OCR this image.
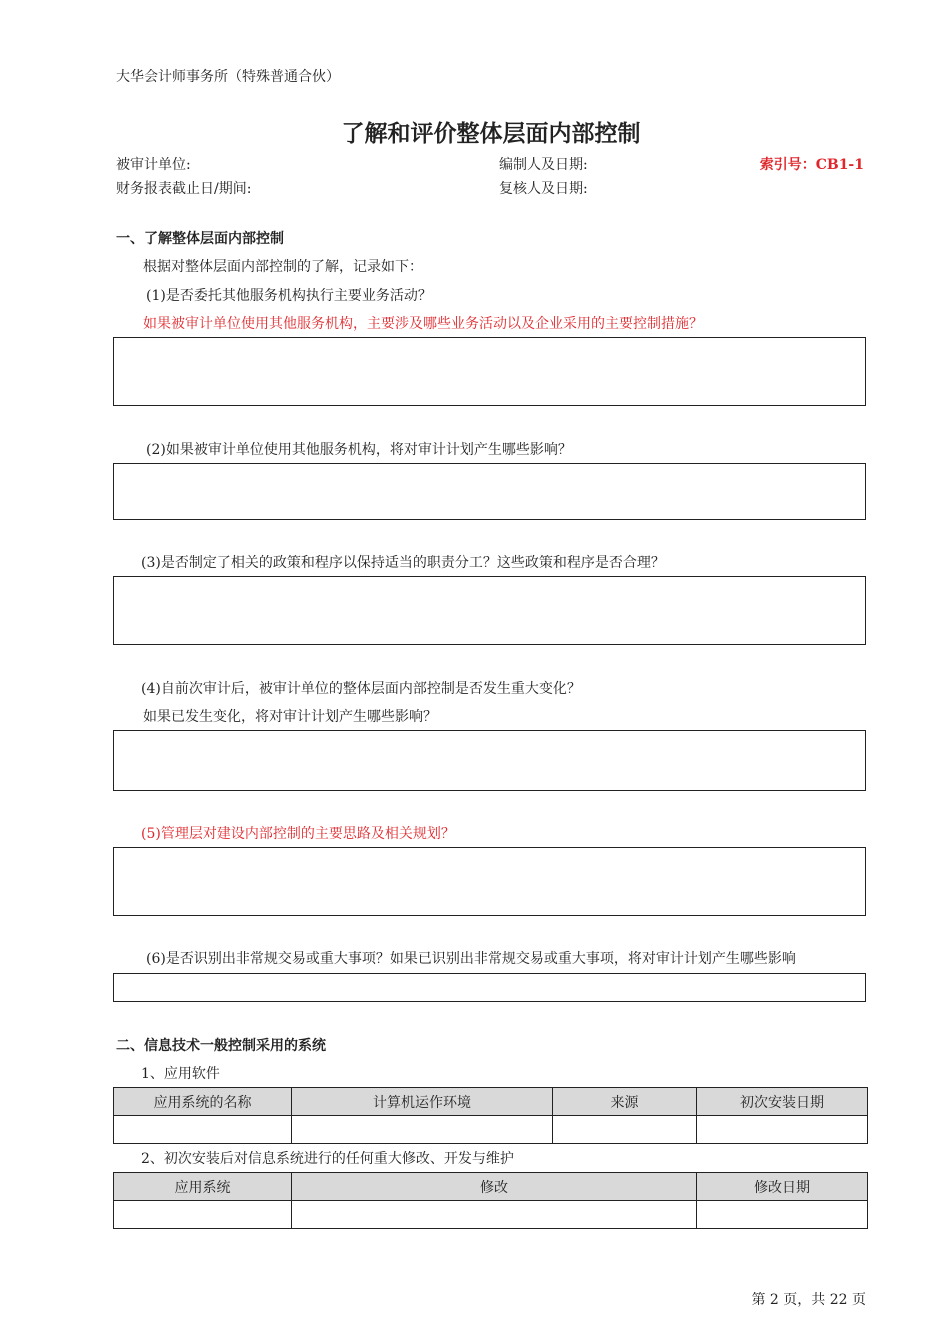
大华会计师事务所（特殊普通合伙）
了解和评价整体层面内部控制
被审计单位:	编制人及日期:	索引号：CB1-1
财务报表截止日/期间:	复核人及日期:
一、了解整体层面内部控制
根据对整体层面内部控制的了解，记录如下：
(1)是否委托其他服务机构执行主要业务活动？
如果被审计单位使用其他服务机构，主要涉及哪些业务活动以及企业采用的主要控制措施？
(2)如果被审计单位使用其他服务机构，将对审计计划产生哪些影响？
(3)是否制定了相关的政策和程序以保持适当的职责分工？这些政策和程序是否合理？
(4)自前次审计后，被审计单位的整体层面内部控制是否发生重大变化？
如果已发生变化，将对审计计划产生哪些影响？
(5)管理层对建设内部控制的主要思路及相关规划？
(6)是否识别出非常规交易或重大事项？如果已识别出非常规交易或重大事项，将对审计计划产生哪些影响
二、信息技术一般控制采用的系统
1、应用软件
应用系统的名称	计算机运作环境	来源	初次安装日期

2、初次安装后对信息系统进行的任何重大修改、开发与维护
应用系统	修改	修改日期

第 2 页，共 22 页
